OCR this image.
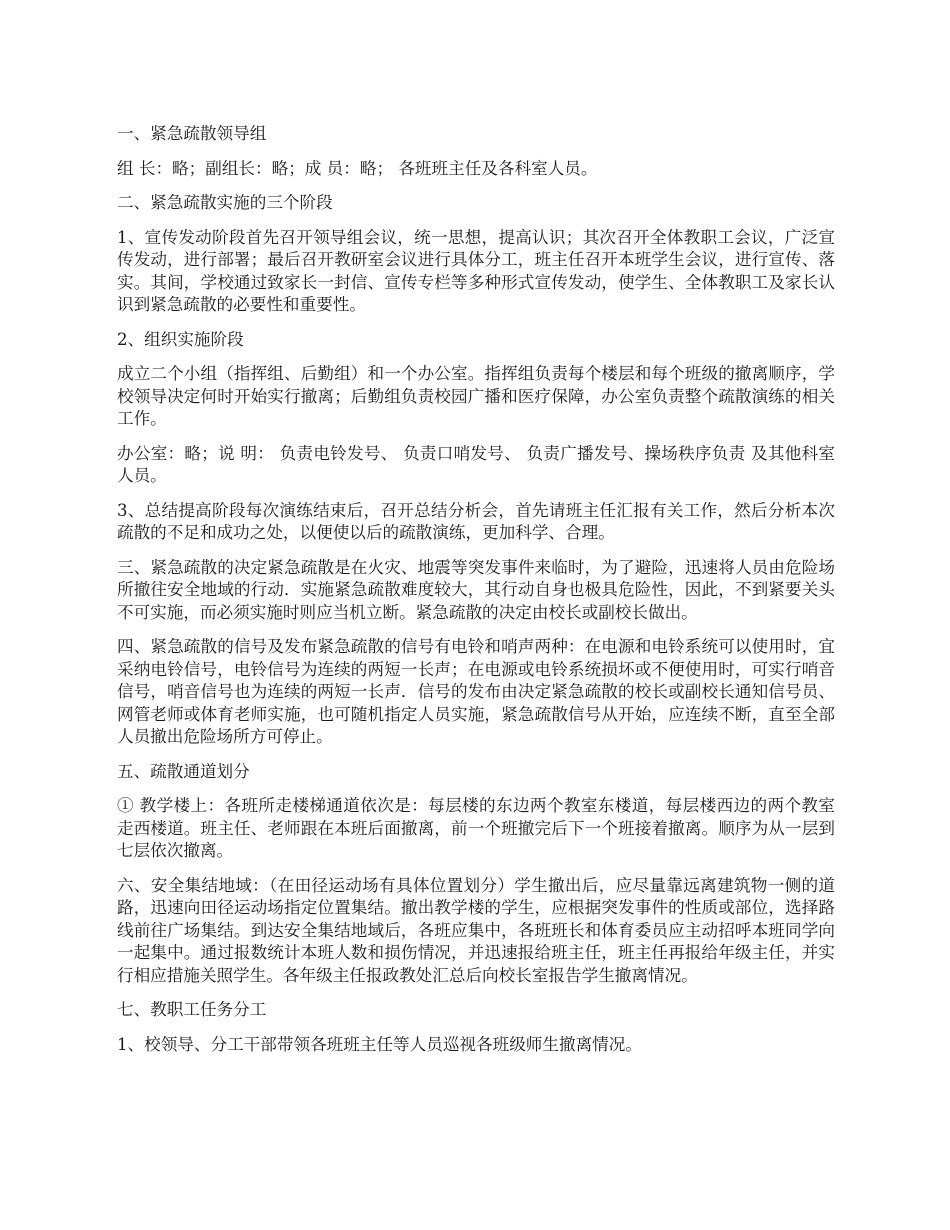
一、紧急疏散领导组

组 长：略；副组长：略；成 员：略； 各班班主任及各科室人员。

二、紧急疏散实施的三个阶段

1、宣传发动阶段首先召开领导组会议，统一思想，提高认识；其次召开全体教职工会议，广泛宣传发动，进行部署；最后召开教研室会议进行具体分工，班主任召开本班学生会议，进行宣传、落实。其间，学校通过致家长一封信、宣传专栏等多种形式宣传发动，使学生、全体教职工及家长认识到紧急疏散的必要性和重要性。

2、组织实施阶段

成立二个小组（指挥组、后勤组）和一个办公室。指挥组负责每个楼层和每个班级的撤离顺序，学校领导决定何时开始实行撤离；后勤组负责校园广播和医疗保障，办公室负责整个疏散演练的相关工作。

办公室：略；说 明： 负责电铃发号、 负责口哨发号、 负责广播发号、操场秩序负责 及其他科室人员。

3、总结提高阶段每次演练结束后，召开总结分析会，首先请班主任汇报有关工作，然后分析本次疏散的不足和成功之处，以便使以后的疏散演练，更加科学、合理。

三、紧急疏散的决定紧急疏散是在火灾、地震等突发事件来临时，为了避险，迅速将人员由危险场所撤往安全地域的行动．实施紧急疏散难度较大，其行动自身也极具危险性，因此，不到紧要关头不可实施，而必须实施时则应当机立断。紧急疏散的决定由校长或副校长做出。

四、紧急疏散的信号及发布紧急疏散的信号有电铃和哨声两种：在电源和电铃系统可以使用时，宜采纳电铃信号，电铃信号为连续的两短一长声；在电源或电铃系统损坏或不便使用时，可实行哨音信号，哨音信号也为连续的两短一长声．信号的发布由决定紧急疏散的校长或副校长通知信号员、网管老师或体育老师实施，也可随机指定人员实施，紧急疏散信号从开始，应连续不断，直至全部人员撤出危险场所方可停止。

五、疏散通道划分

① 教学楼上：各班所走楼梯通道依次是：每层楼的东边两个教室东楼道，每层楼西边的两个教室走西楼道。班主任、老师跟在本班后面撤离，前一个班撤完后下一个班接着撤离。顺序为从一层到七层依次撤离。

六、安全集结地域：（在田径运动场有具体位置划分）学生撤出后，应尽量靠远离建筑物一侧的道路，迅速向田径运动场指定位置集结。撤出教学楼的学生，应根据突发事件的性质或部位，选择路线前往广场集结。到达安全集结地域后，各班应集中，各班班长和体育委员应主动招呼本班同学向一起集中。通过报数统计本班人数和损伤情况，并迅速报给班主任，班主任再报给年级主任，并实行相应措施关照学生。各年级主任报政教处汇总后向校长室报告学生撤离情况。

七、教职工任务分工

1、校领导、分工干部带领各班班主任等人员巡视各班级师生撤离情况。
